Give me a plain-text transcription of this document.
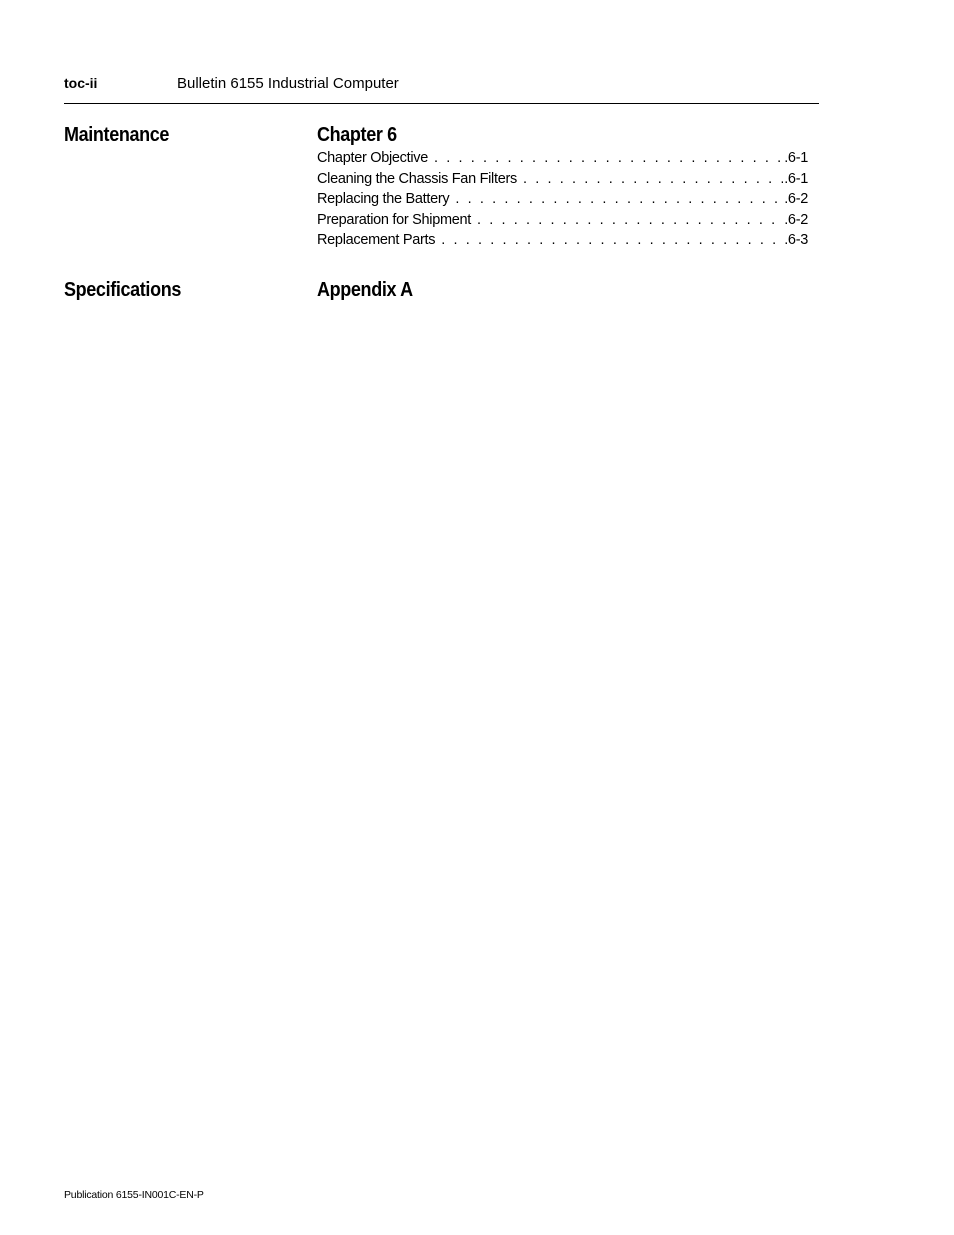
toc-ii	Bulletin 6155 Industrial Computer
Maintenance	Chapter 6
Chapter Objective . . .	.6-1
Cleaning the Chassis Fan Filters . . .	.6-1
Replacing the Battery . . .	.6-2
Preparation for Shipment . . .	.6-2
Replacement Parts . . .	.6-3
Specifications	Appendix A
Publication 6155-IN001C-EN-P
